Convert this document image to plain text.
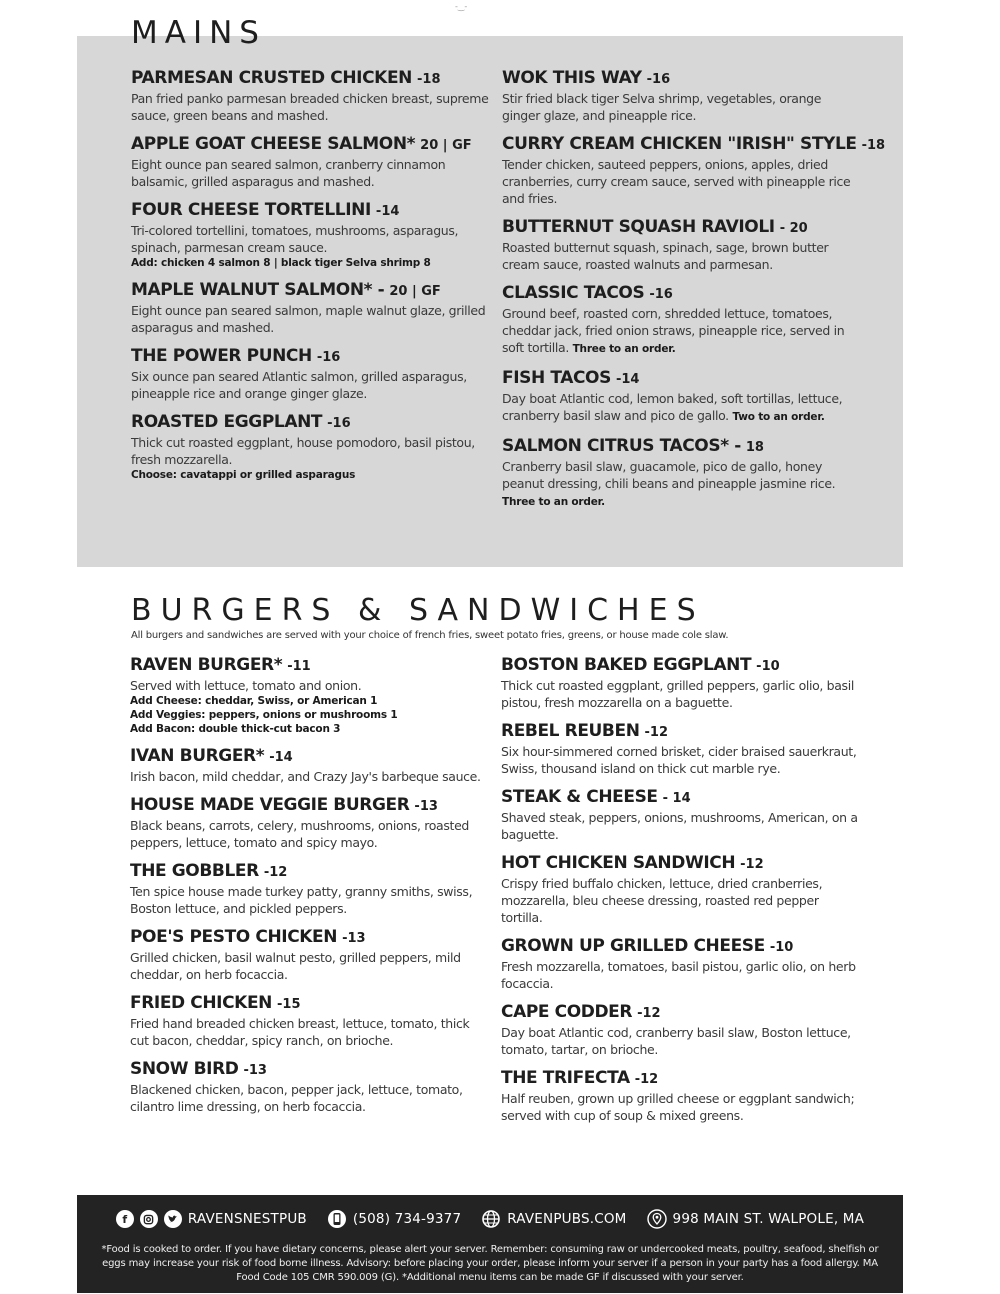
-‿-
MAINS
PARMESAN CRUSTED CHICKEN -18
Pan fried panko parmesan breaded chicken breast, supreme sauce, green beans and mashed.
APPLE GOAT CHEESE SALMON* 20 | GF
Eight ounce pan seared salmon, cranberry cinnamon balsamic, grilled asparagus and mashed.
FOUR CHEESE TORTELLINI -14
Tri-colored tortellini, tomatoes, mushrooms, asparagus, spinach, parmesan cream sauce.
Add: chicken 4 salmon 8 | black tiger Selva shrimp 8
MAPLE WALNUT SALMON* - 20 | GF
Eight ounce pan seared salmon, maple walnut glaze, grilled asparagus and mashed.
THE POWER PUNCH -16
Six ounce pan seared Atlantic salmon, grilled asparagus, pineapple rice and orange ginger glaze.
ROASTED EGGPLANT -16
Thick cut roasted eggplant, house pomodoro, basil pistou, fresh mozzarella.
Choose: cavatappi or grilled asparagus
WOK THIS WAY -16
Stir fried black tiger Selva shrimp, vegetables, orange ginger glaze, and pineapple rice.
CURRY CREAM CHICKEN "IRISH" STYLE -18
Tender chicken, sauteed peppers, onions, apples, dried cranberries, curry cream sauce, served with pineapple rice and fries.
BUTTERNUT SQUASH RAVIOLI - 20
Roasted butternut squash, spinach, sage, brown butter cream sauce, roasted walnuts and parmesan.
CLASSIC TACOS -16
Ground beef, roasted corn, shredded lettuce, tomatoes, cheddar jack, fried onion straws, pineapple rice, served in soft tortilla. Three to an order.
FISH TACOS -14
Day boat Atlantic cod, lemon baked, soft tortillas, lettuce, cranberry basil slaw and pico de gallo. Two to an order.
SALMON CITRUS TACOS* - 18
Cranberry basil slaw, guacamole, pico de gallo, honey peanut dressing, chili beans and pineapple jasmine rice. Three to an order.
BURGERS & SANDWICHES

All burgers and sandwiches are served with your choice of french fries, sweet potato fries, greens, or house made cole slaw.

RAVEN BURGER* -11
Served with lettuce, tomato and onion.
Add Cheese: cheddar, Swiss, or American 1
Add Veggies: peppers, onions or mushrooms 1
Add Bacon: double thick-cut bacon 3
IVAN BURGER* -14
Irish bacon, mild cheddar, and Crazy Jay's barbeque sauce.
HOUSE MADE VEGGIE BURGER -13
Black beans, carrots, celery, mushrooms, onions, roasted peppers, lettuce, tomato and spicy mayo.
THE GOBBLER -12
Ten spice house made turkey patty, granny smiths, swiss, Boston lettuce, and pickled peppers.
POE'S PESTO CHICKEN -13
Grilled chicken, basil walnut pesto, grilled peppers, mild cheddar, on herb focaccia.
FRIED CHICKEN -15
Fried hand breaded chicken breast, lettuce, tomato, thick cut bacon, cheddar, spicy ranch, on brioche.
SNOW BIRD -13
Blackened chicken, bacon, pepper jack, lettuce, tomato, cilantro lime dressing, on herb focaccia.
BOSTON BAKED EGGPLANT -10
Thick cut roasted eggplant, grilled peppers, garlic olio, basil pistou, fresh mozzarella on a baguette.
REBEL REUBEN -12
Six hour-simmered corned brisket, cider braised sauerkraut, Swiss, thousand island on thick cut marble rye.
STEAK & CHEESE - 14
Shaved steak, peppers, onions, mushrooms, American, on a baguette.
HOT CHICKEN SANDWICH -12
Crispy fried buffalo chicken, lettuce, dried cranberries, mozzarella, bleu cheese dressing, roasted red pepper tortilla.
GROWN UP GRILLED CHEESE -10
Fresh mozzarella, tomatoes, basil pistou, garlic olio, on herb focaccia.
CAPE CODDER -12
Day boat Atlantic cod, cranberry basil slaw, Boston lettuce, tomato, tartar, on brioche.
THE TRIFECTA -12
Half reuben, grown up grilled cheese or eggplant sandwich; served with cup of soup & mixed greens.
f	RAVENSNESTPUB	(508) 734-9377	RAVENPUBS.COM	998 MAIN ST. WALPOLE, MA

*Food is cooked to order. If you have dietary concerns, please alert your server. Remember: consuming raw or undercooked meats, poultry, seafood, shelfish or eggs may increase your risk of food borne illness. Advisory: before placing your order, please inform your server if a person in your party has a food allergy. MA Food Code 105 CMR 590.009 (G). *Additional menu items can be made GF if discussed with your server.
